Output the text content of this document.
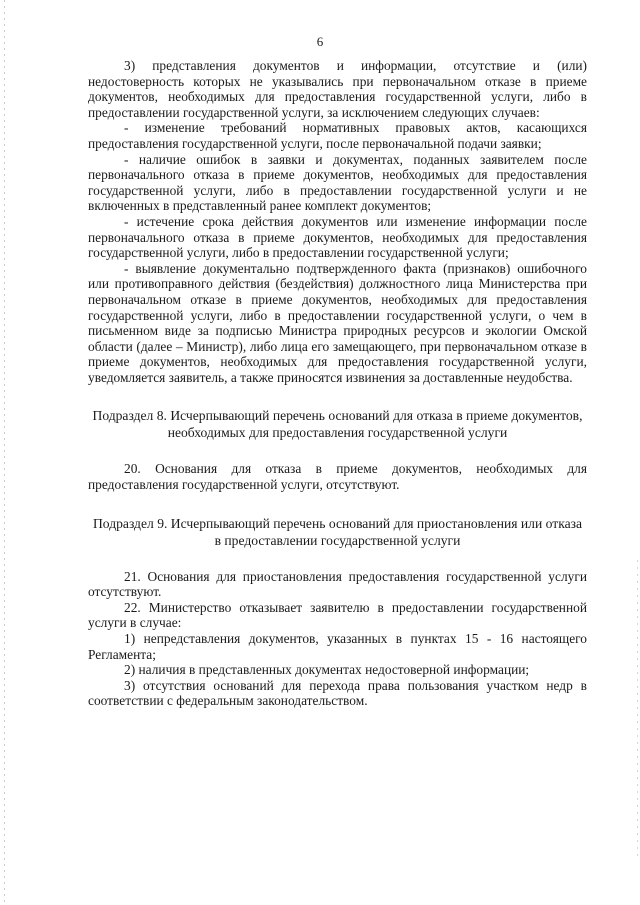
6

3) представления документов и информации, отсутствие и (или) недостоверность которых не указывались при первоначальном отказе в приеме документов, необходимых для предоставления государственной услуги, либо в предоставлении государственной услуги, за исключением следующих случаев:

- изменение требований нормативных правовых актов, касающихся предоставления государственной услуги, после первоначальной подачи заявки;

- наличие ошибок в заявки и документах, поданных заявителем после первоначального отказа в приеме документов, необходимых для предоставления государственной услуги, либо в предоставлении государственной услуги и не включенных в представленный ранее комплект документов;

- истечение срока действия документов или изменение информации после первоначального отказа в приеме документов, необходимых для предоставления государственной услуги, либо в предоставлении государственной услуги;

- выявление документально подтвержденного факта (признаков) ошибочного или противоправного действия (бездействия) должностного лица Министерства при первоначальном отказе в приеме документов, необходимых для предоставления государственной услуги, либо в предоставлении государственной услуги, о чем в письменном виде за подписью Министра природных ресурсов и экологии Омской области (далее – Министр), либо лица его замещающего, при первоначальном отказе в приеме документов, необходимых для предоставления государственной услуги, уведомляется заявитель, а также приносятся извинения за доставленные неудобства.

Подраздел 8. Исчерпывающий перечень оснований для отказа в приеме документов, необходимых для предоставления государственной услуги

20. Основания для отказа в приеме документов, необходимых для предоставления государственной услуги, отсутствуют.

Подраздел 9. Исчерпывающий перечень оснований для приостановления или отказа в предоставлении государственной услуги

21. Основания для приостановления предоставления государственной услуги отсутствуют.

22. Министерство отказывает заявителю в предоставлении государственной услуги в случае:

1) непредставления документов, указанных в пунктах 15 - 16 настоящего Регламента;

2) наличия в представленных документах недостоверной информации;

3) отсутствия оснований для перехода права пользования участком недр в соответствии с федеральным законодательством.
